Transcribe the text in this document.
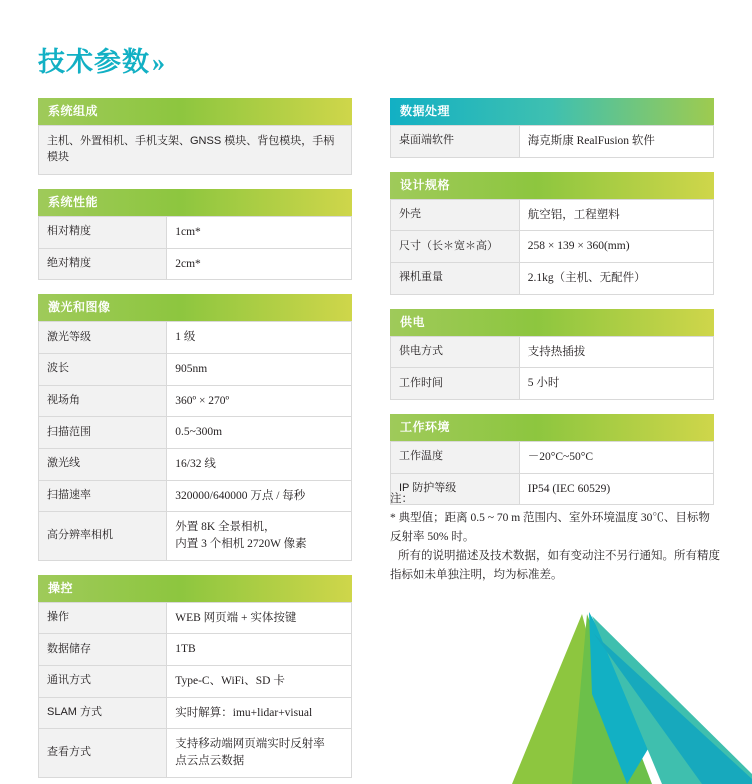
技术参数»
系统组成
主机、外置相机、手机支架、GNSS 模块、背包模块，手柄模块
系统性能
相对精度	1cm*
绝对精度	2cm*
激光和图像
激光等级	1 级
波长	905nm
视场角	360º × 270º
扫描范围	0.5~300m
激光线	16/32 线
扫描速率	320000/640000 万点 / 每秒
高分辨率相机	外置 8K 全景相机，
内置 3 个相机 2720W 像素
操控
操作	WEB 网页端 + 实体按键
数据储存	1TB
通讯方式	Type-C、WiFi、SD 卡
SLAM 方式	实时解算：imu+lidar+visual
查看方式	支持移动端网页端实时反射率
点云点云数据
数据处理
桌面端软件	海克斯康 RealFusion 软件
设计规格
外壳	航空铝，工程塑料
尺寸（长＊宽＊高）	258 × 139 × 360(mm)
裸机重量	2.1kg（主机、无配件）
供电
供电方式	支持热插拔
工作时间	5 小时
工作环境
工作温度	－20°C~50°C
IP 防护等级	IP54 (IEC 60529)

注：

* 典型值；距离 0.5 ~ 70 m 范围内、室外环境温度 30℃、目标物反射率 50% 时。

所有的说明描述及技术数据，如有变动注不另行通知。所有精度指标如未单独注明，均为标准差。
